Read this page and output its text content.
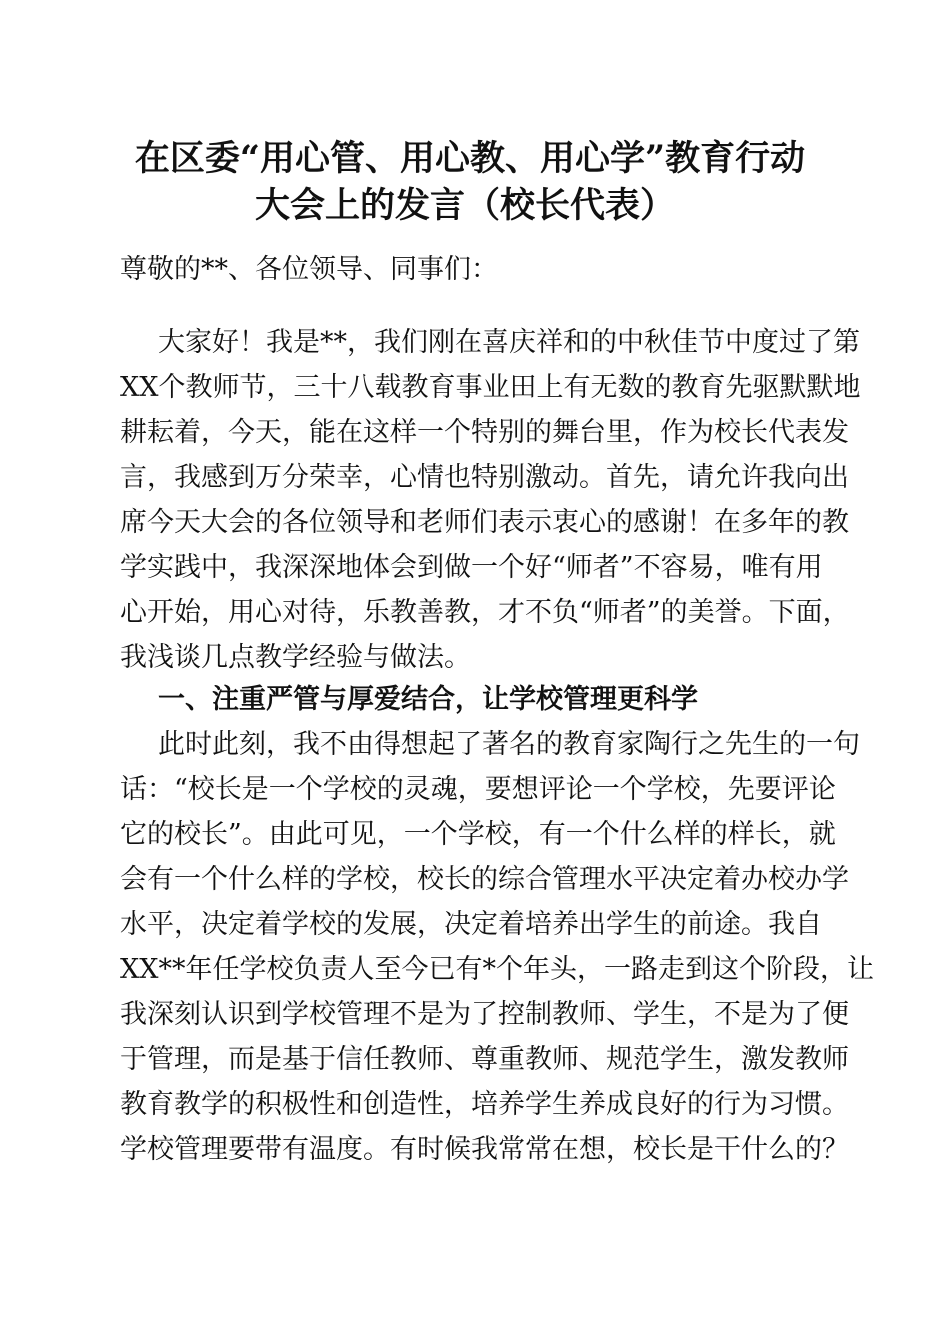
在区委“用心管、用心教、用心学”教育行动
大会上的发言（校长代表）
尊敬的**、各位领导、同事们：
大家好！我是**，我们刚在喜庆祥和的中秋佳节中度过了第
XX个教师节，三十八载教育事业田上有无数的教育先驱默默地
耕耘着，今天，能在这样一个特别的舞台里，作为校长代表发
言，我感到万分荣幸，心情也特别激动。首先，请允许我向出
席今天大会的各位领导和老师们表示衷心的感谢！在多年的教
学实践中，我深深地体会到做一个好“师者”不容易，唯有用
心开始，用心对待，乐教善教，才不负“师者”的美誉。下面，
我浅谈几点教学经验与做法。
一、注重严管与厚爱结合，让学校管理更科学
此时此刻，我不由得想起了著名的教育家陶行之先生的一句
话：“校长是一个学校的灵魂，要想评论一个学校，先要评论
它的校长”。由此可见，一个学校，有一个什么样的样长，就
会有一个什么样的学校，校长的综合管理水平决定着办校办学
水平，决定着学校的发展，决定着培养出学生的前途。我自
XX**年任学校负责人至今已有*个年头，一路走到这个阶段，让
我深刻认识到学校管理不是为了控制教师、学生，不是为了便
于管理，而是基于信任教师、尊重教师、规范学生，激发教师
教育教学的积极性和创造性，培养学生养成良好的行为习惯。
学校管理要带有温度。有时候我常常在想，校长是干什么的？
